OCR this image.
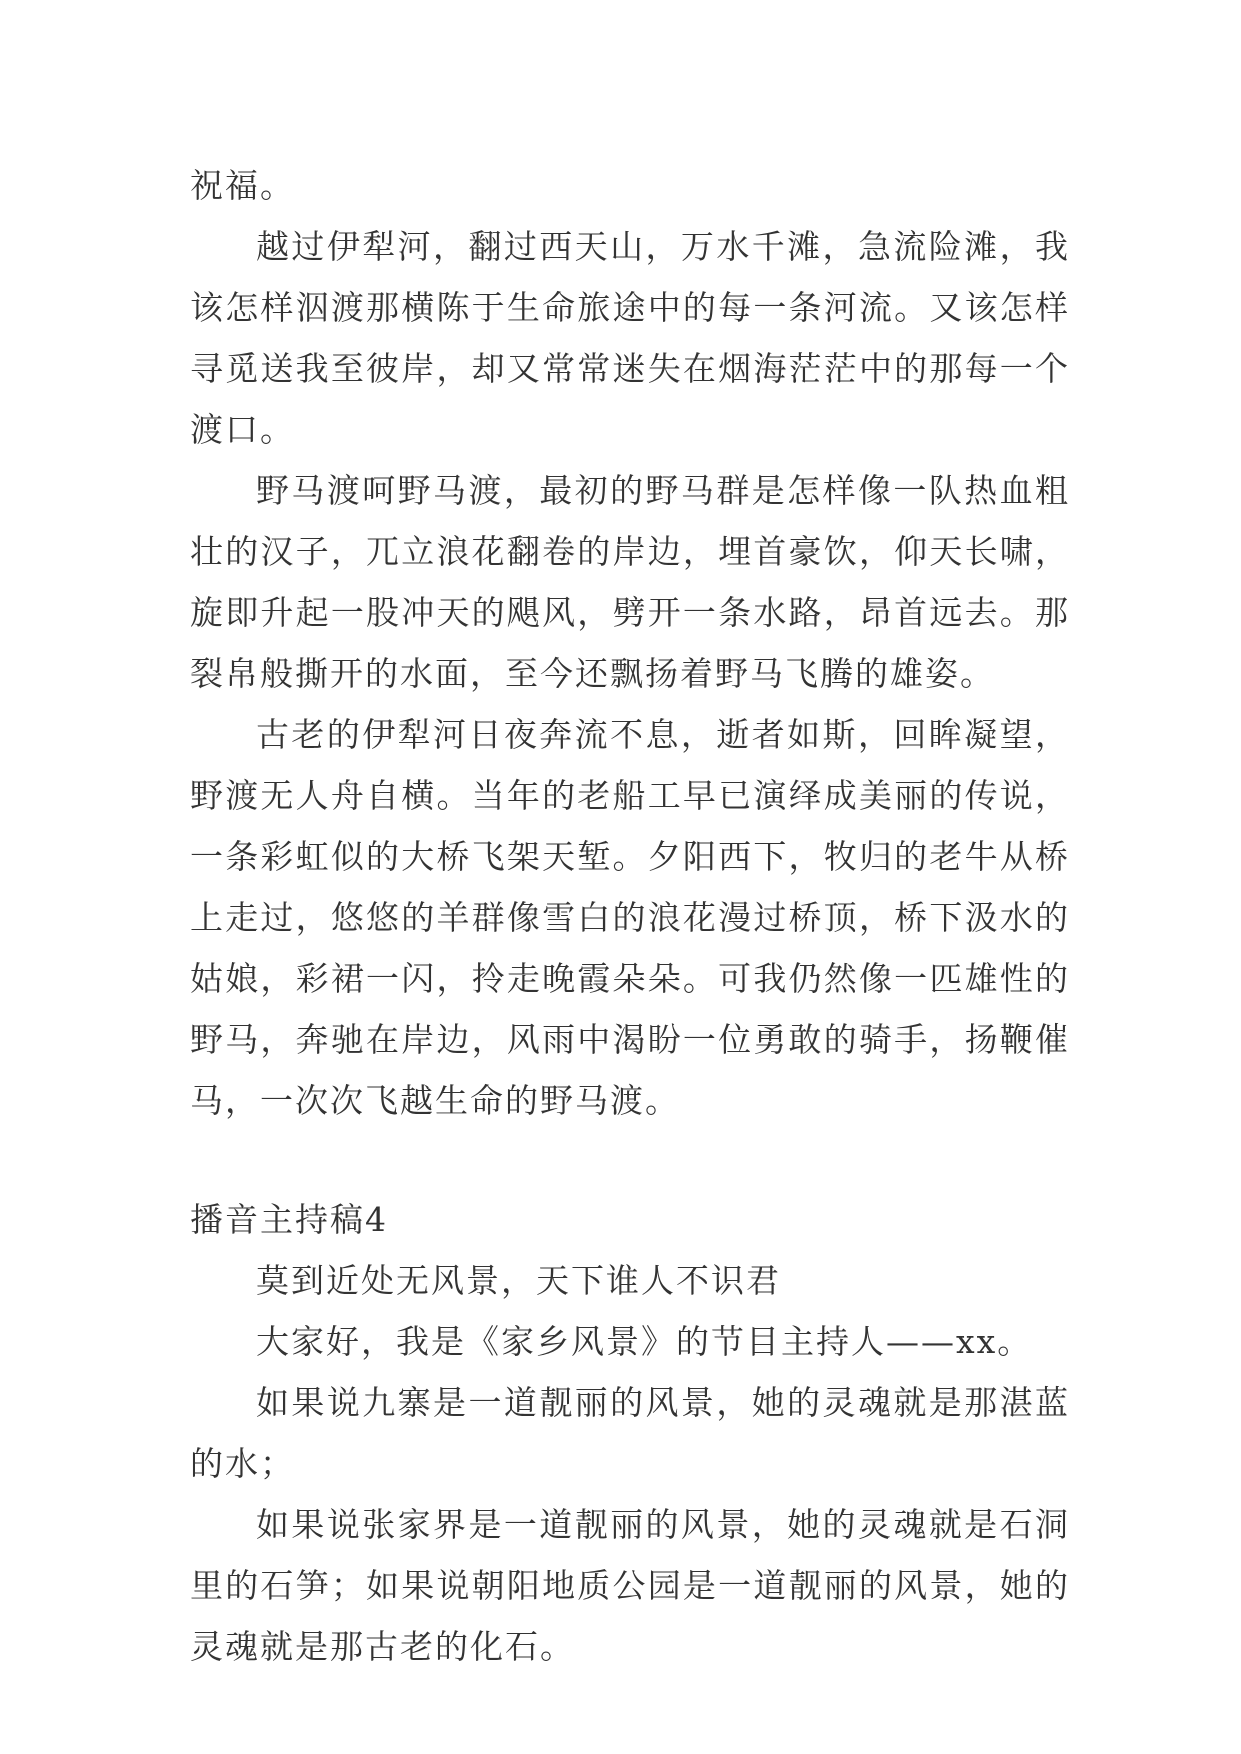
祝福。

越过伊犁河，翻过西天山，万水千滩，急流险滩，我该怎样泅渡那横陈于生命旅途中的每一条河流。又该怎样寻觅送我至彼岸，却又常常迷失在烟海茫茫中的那每一个渡口。

野马渡呵野马渡，最初的野马群是怎样像一队热血粗壮的汉子，兀立浪花翻卷的岸边，埋首豪饮，仰天长啸，旋即升起一股冲天的飓风，劈开一条水路，昂首远去。那裂帛般撕开的水面，至今还飘扬着野马飞腾的雄姿。

古老的伊犁河日夜奔流不息，逝者如斯，回眸凝望，野渡无人舟自横。当年的老船工早已演绎成美丽的传说，一条彩虹似的大桥飞架天堑。夕阳西下，牧归的老牛从桥上走过，悠悠的羊群像雪白的浪花漫过桥顶，桥下汲水的姑娘，彩裙一闪，拎走晚霞朵朵。可我仍然像一匹雄性的野马，奔驰在岸边，风雨中渴盼一位勇敢的骑手，扬鞭催马，一次次飞越生命的野马渡。

播音主持稿4

莫到近处无风景，天下谁人不识君

大家好，我是《家乡风景》的节目主持人——xx。

如果说九寨是一道靓丽的风景，她的灵魂就是那湛蓝的水；

如果说张家界是一道靓丽的风景，她的灵魂就是石洞里的石笋；如果说朝阳地质公园是一道靓丽的风景，她的灵魂就是那古老的化石。
